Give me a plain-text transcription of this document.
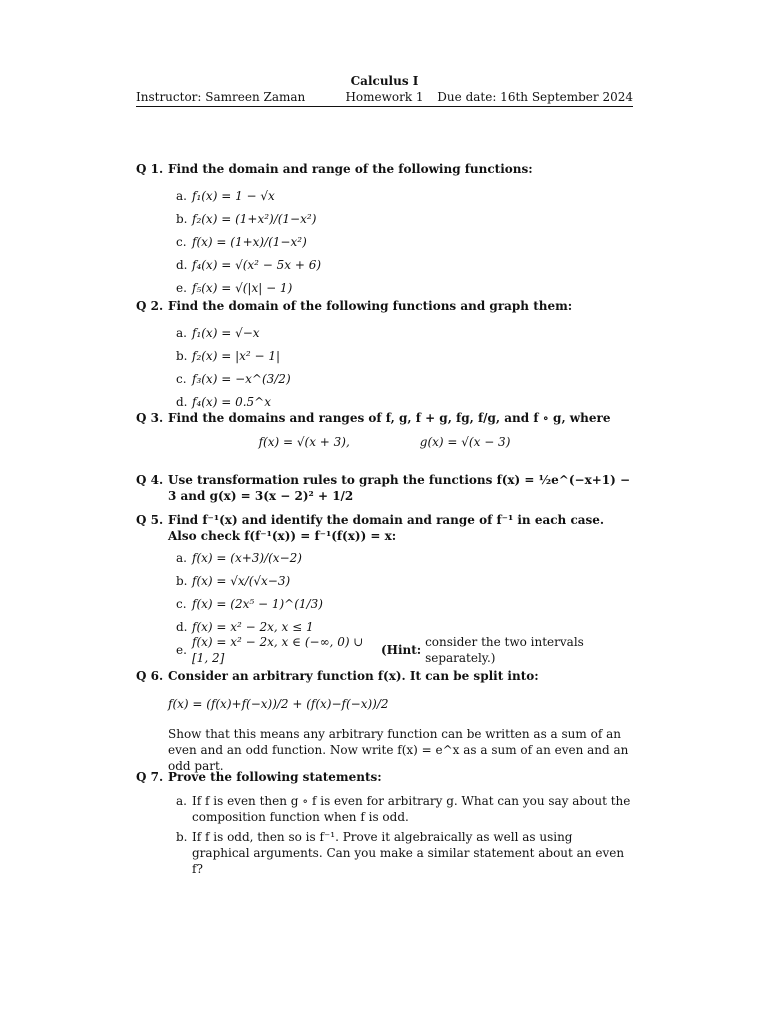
Calculus I
Instructor: Samreen Zaman	Homework 1	Due date: 16th September 2024
Q 1. Find the domain and range of the following functions:
a. f₁(x) = 1 − √x
b. f₂(x) = (1+x²)/(1−x²)
c. f(x) = (1+x)/(1−x²)
d. f₄(x) = √(x² − 5x + 6)
e. f₅(x) = √(|x| − 1)
Q 2. Find the domain of the following functions and graph them:
a. f₁(x) = √−x
b. f₂(x) = |x² − 1|
c. f₃(x) = −x^(3/2)
d. f₄(x) = 0.5^x
Q 3. Find the domains and ranges of f, g, f + g, fg, f/g, and f ∘ g, where
f(x) = √(x + 3),	g(x) = √(x − 3)
Q 4. Use transformation rules to graph the functions f(x) = ½e^(−x+1) − 3 and g(x) = 3(x − 2)² + 1/2
Q 5. Find f⁻¹(x) and identify the domain and range of f⁻¹ in each case. Also check f(f⁻¹(x)) = f⁻¹(f(x)) = x:
a. f(x) = (x+3)/(x−2)
b. f(x) = √x/(√x−3)
c. f(x) = (2x⁵ − 1)^(1/3)
d. f(x) = x² − 2x, x ≤ 1
e.
f(x) = x² − 2x, x ∈ (−∞, 0) ∪ [1, 2]

(Hint:

consider the two intervals separately.)
Q 6. Consider an arbitrary function f(x). It can be split into:
f(x) = (f(x)+f(−x))/2 + (f(x)−f(−x))/2
Show that this means any arbitrary function can be written as a sum of an even and an odd function. Now write f(x) = e^x as a sum of an even and an odd part.
Q 7. Prove the following statements:
a. If f is even then g ∘ f is even for arbitrary g. What can you say about the composition function when f is odd.
b. If f is odd, then so is f⁻¹. Prove it algebraically as well as using graphical arguments. Can you make a similar statement about an even f?
